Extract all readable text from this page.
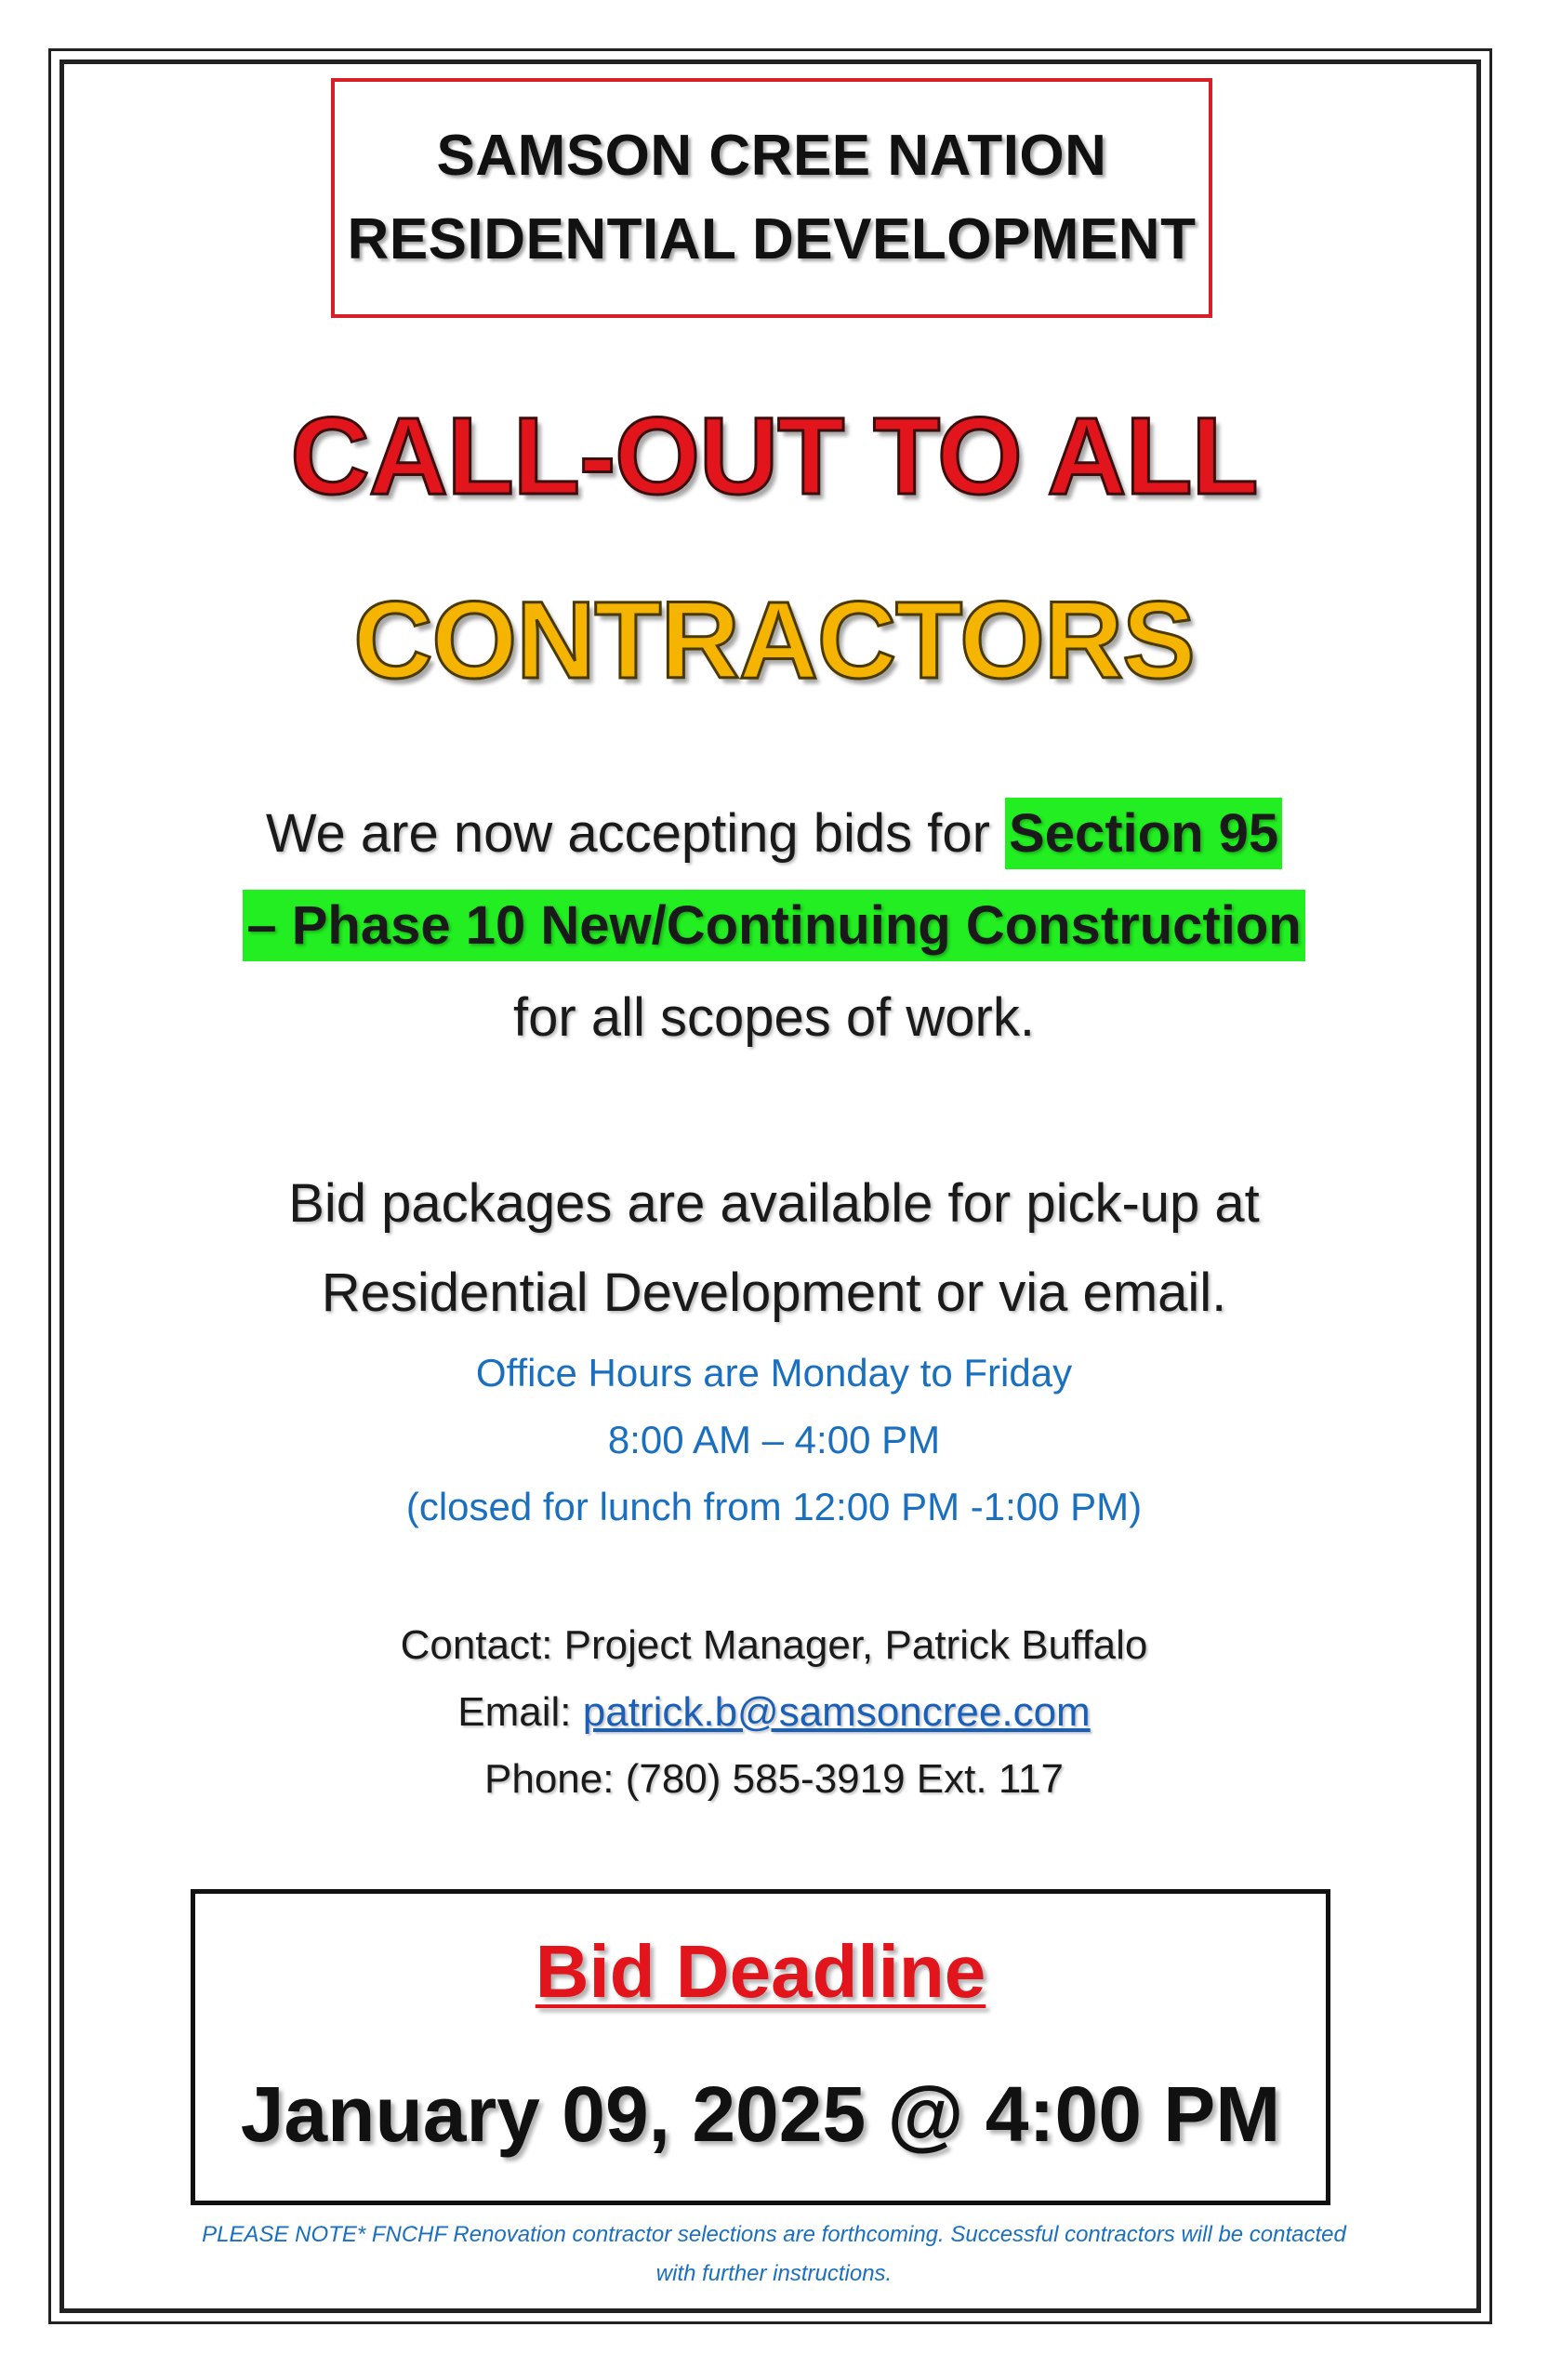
SAMSON CREE NATION
RESIDENTIAL DEVELOPMENT
CALL-OUT TO ALL
CONTRACTORS
We are now accepting bids for Section 95
– Phase 10 New/Continuing Construction
for all scopes of work.
Bid packages are available for pick-up at
Residential Development or via email.
Office Hours are Monday to Friday
8:00 AM – 4:00 PM
(closed for lunch from 12:00 PM -1:00 PM)
Contact: Project Manager, Patrick Buffalo
Email: patrick.b@samsoncree.com
Phone: (780) 585-3919 Ext. 117
Bid Deadline
January 09, 2025 @ 4:00 PM
PLEASE NOTE* FNCHF Renovation contractor selections are forthcoming. Successful contractors will be contacted
with further instructions.
